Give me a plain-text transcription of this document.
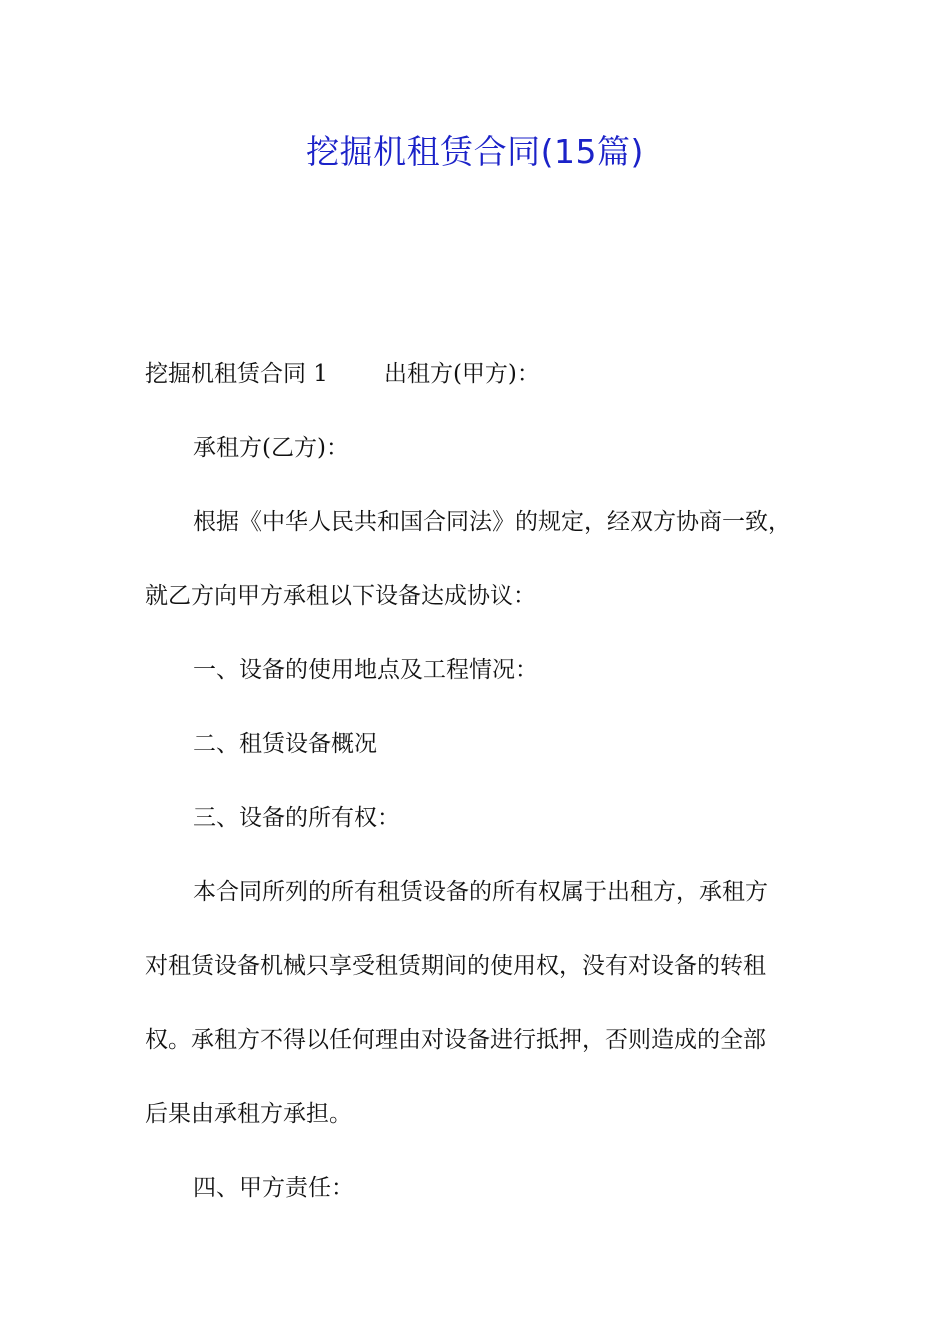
挖掘机租赁合同(15篇)

挖掘机租赁合同 1 出租方(甲方)：

承租方(乙方)：

根据《中华人民共和国合同法》的规定，经双方协商一致，

就乙方向甲方承租以下设备达成协议：

一、设备的使用地点及工程情况：

二、租赁设备概况

三、设备的所有权：

本合同所列的所有租赁设备的所有权属于出租方，承租方

对租赁设备机械只享受租赁期间的使用权，没有对设备的转租

权。承租方不得以任何理由对设备进行抵押，否则造成的全部

后果由承租方承担。

四、甲方责任：
